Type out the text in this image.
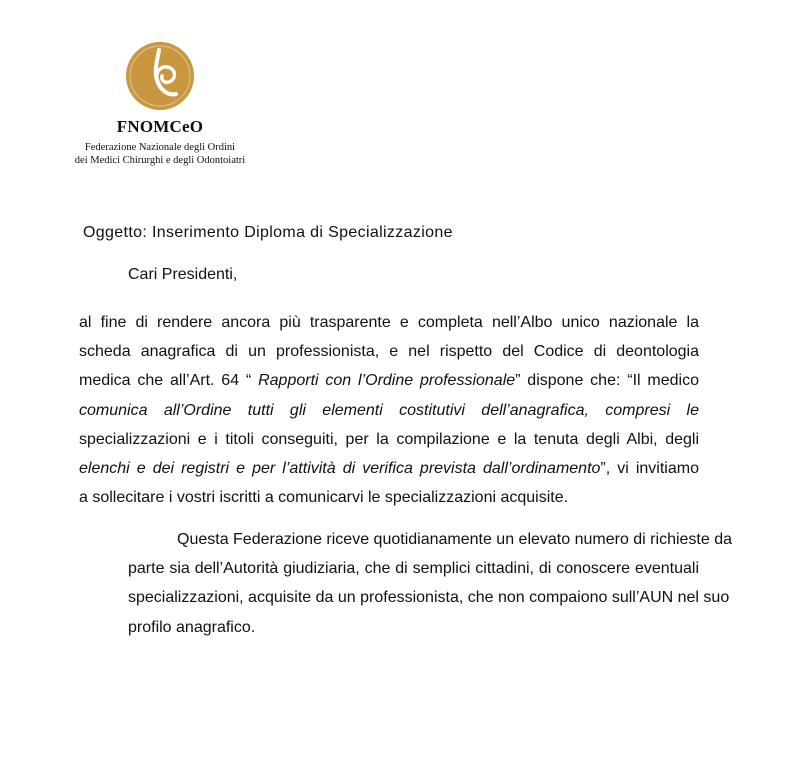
FNOMCeO
Federazione Nazionale degli Ordini
dei Medici Chirurghi e degli Odontoiatri
Oggetto: Inserimento Diploma di Specializzazione
Cari Presidenti,
al fine di rendere ancora più trasparente e completa nell’Albo unico nazionale la
scheda anagrafica di un professionista, e nel rispetto del Codice di deontologia
medica che all’Art. 64 “ Rapporti con l’Ordine professionale” dispone che: “Il medico
comunica all’Ordine tutti gli elementi costitutivi dell’anagrafica, compresi le
specializzazioni e i titoli conseguiti, per la compilazione e la tenuta degli Albi, degli
elenchi e dei registri e per l’attività di verifica prevista dall’ordinamento”, vi invitiamo
a sollecitare i vostri iscritti a comunicarvi le specializzazioni acquisite.
Questa Federazione riceve quotidianamente un elevato numero di richieste da
parte sia dell’Autorità giudiziaria, che di semplici cittadini, di conoscere eventuali
specializzazioni, acquisite da un professionista, che non compaiono sull’AUN nel suo
profilo anagrafico.
